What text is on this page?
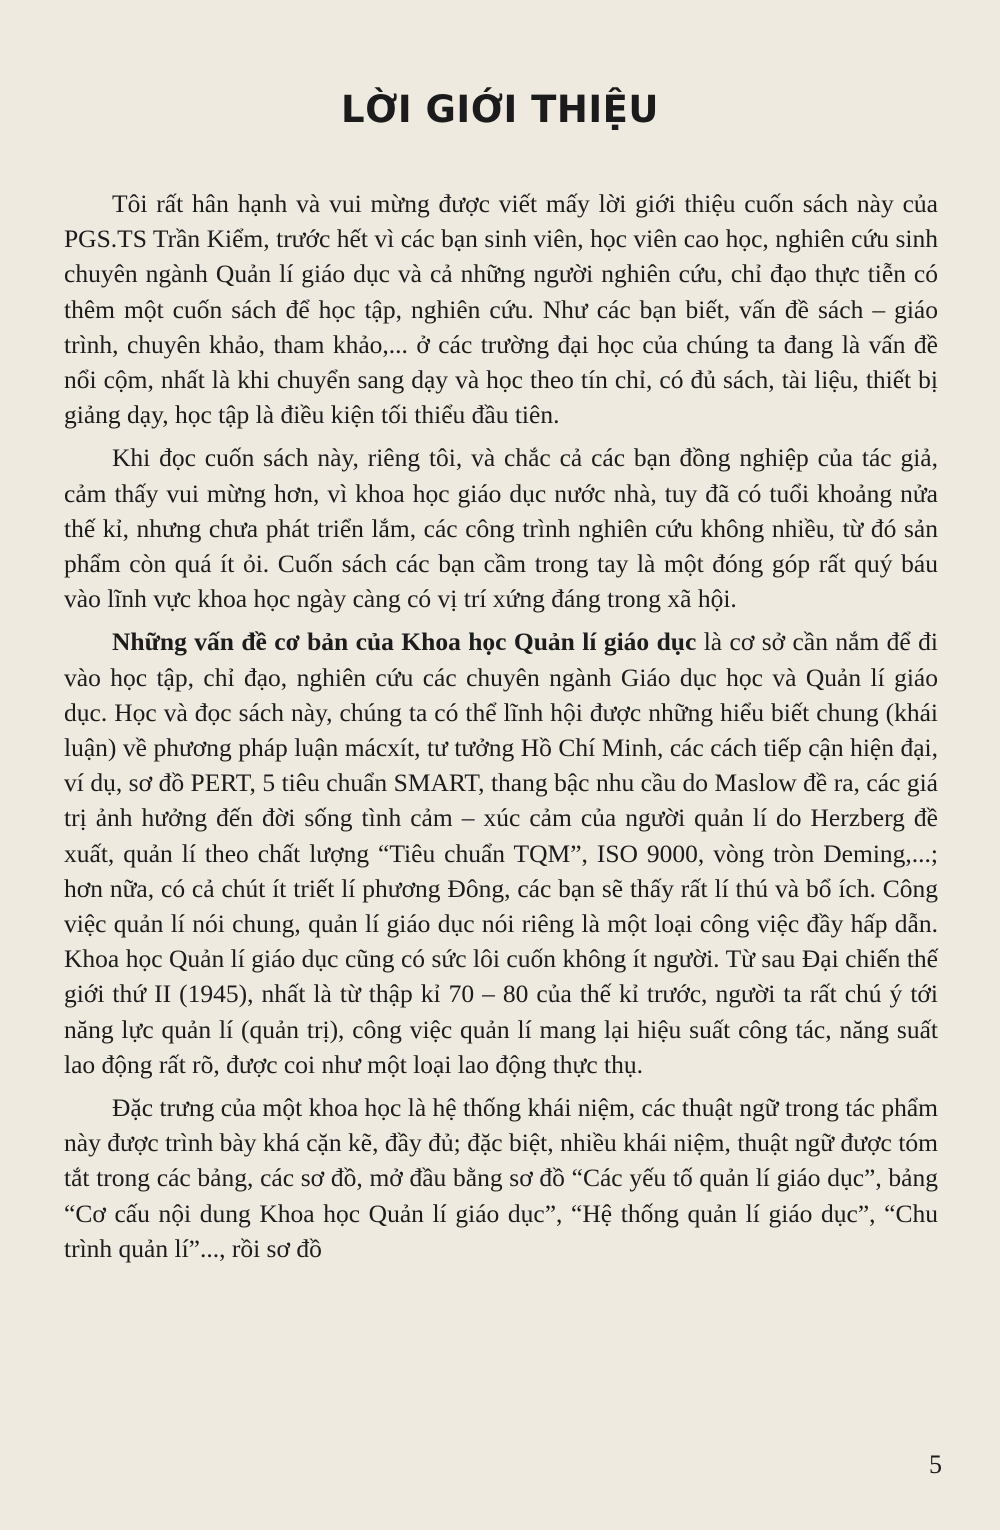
LỜI GIỚI THIỆU

Tôi rất hân hạnh và vui mừng được viết mấy lời giới thiệu cuốn sách này của PGS.TS Trần Kiểm, trước hết vì các bạn sinh viên, học viên cao học, nghiên cứu sinh chuyên ngành Quản lí giáo dục và cả những người nghiên cứu, chỉ đạo thực tiễn có thêm một cuốn sách để học tập, nghiên cứu. Như các bạn biết, vấn đề sách – giáo trình, chuyên khảo, tham khảo,... ở các trường đại học của chúng ta đang là vấn đề nổi cộm, nhất là khi chuyển sang dạy và học theo tín chỉ, có đủ sách, tài liệu, thiết bị giảng dạy, học tập là điều kiện tối thiểu đầu tiên.

Khi đọc cuốn sách này, riêng tôi, và chắc cả các bạn đồng nghiệp của tác giả, cảm thấy vui mừng hơn, vì khoa học giáo dục nước nhà, tuy đã có tuổi khoảng nửa thế kỉ, nhưng chưa phát triển lắm, các công trình nghiên cứu không nhiều, từ đó sản phẩm còn quá ít ỏi. Cuốn sách các bạn cầm trong tay là một đóng góp rất quý báu vào lĩnh vực khoa học ngày càng có vị trí xứng đáng trong xã hội.

Những vấn đề cơ bản của Khoa học Quản lí giáo dục là cơ sở cần nắm để đi vào học tập, chỉ đạo, nghiên cứu các chuyên ngành Giáo dục học và Quản lí giáo dục. Học và đọc sách này, chúng ta có thể lĩnh hội được những hiểu biết chung (khái luận) về phương pháp luận mácxít, tư tưởng Hồ Chí Minh, các cách tiếp cận hiện đại, ví dụ, sơ đồ PERT, 5 tiêu chuẩn SMART, thang bậc nhu cầu do Maslow đề ra, các giá trị ảnh hưởng đến đời sống tình cảm – xúc cảm của người quản lí do Herzberg đề xuất, quản lí theo chất lượng “Tiêu chuẩn TQM”, ISO 9000, vòng tròn Deming,...; hơn nữa, có cả chút ít triết lí phương Đông, các bạn sẽ thấy rất lí thú và bổ ích. Công việc quản lí nói chung, quản lí giáo dục nói riêng là một loại công việc đầy hấp dẫn. Khoa học Quản lí giáo dục cũng có sức lôi cuốn không ít người. Từ sau Đại chiến thế giới thứ II (1945), nhất là từ thập kỉ 70 – 80 của thế kỉ trước, người ta rất chú ý tới năng lực quản lí (quản trị), công việc quản lí mang lại hiệu suất công tác, năng suất lao động rất rõ, được coi như một loại lao động thực thụ.

Đặc trưng của một khoa học là hệ thống khái niệm, các thuật ngữ trong tác phẩm này được trình bày khá cặn kẽ, đầy đủ; đặc biệt, nhiều khái niệm, thuật ngữ được tóm tắt trong các bảng, các sơ đồ, mở đầu bằng sơ đồ “Các yếu tố quản lí giáo dục”, bảng “Cơ cấu nội dung Khoa học Quản lí giáo dục”, “Hệ thống quản lí giáo dục”, “Chu trình quản lí”..., rồi sơ đồ

5
